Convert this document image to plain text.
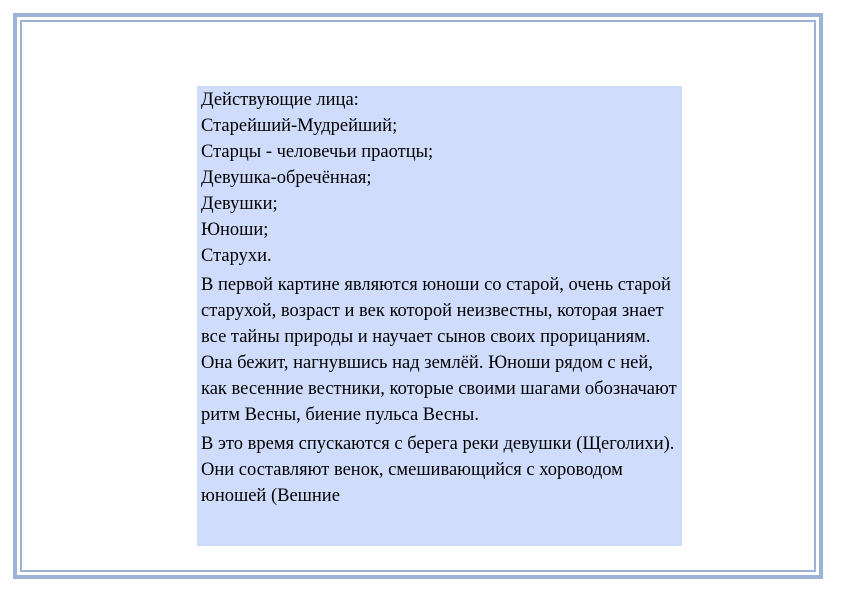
Действующие лица:
Старейший-Мудрейший;
Старцы - человечьи праотцы;
Девушка-обречённая;
Девушки;
Юноши;
Старухи.
В первой картине являются юноши со старой, очень старой старухой, возраст и век которой неизвестны, которая знает все тайны природы и научает сынов своих прорицаниям. Она бежит, нагнувшись над землёй. Юноши рядом с ней, как весенние вестники, которые своими шагами обозначают ритм Весны, биение пульса Весны.
В это время спускаются с берега реки девушки (Щеголихи). Они составляют венок, смешивающийся с хороводом юношей (Вешние
